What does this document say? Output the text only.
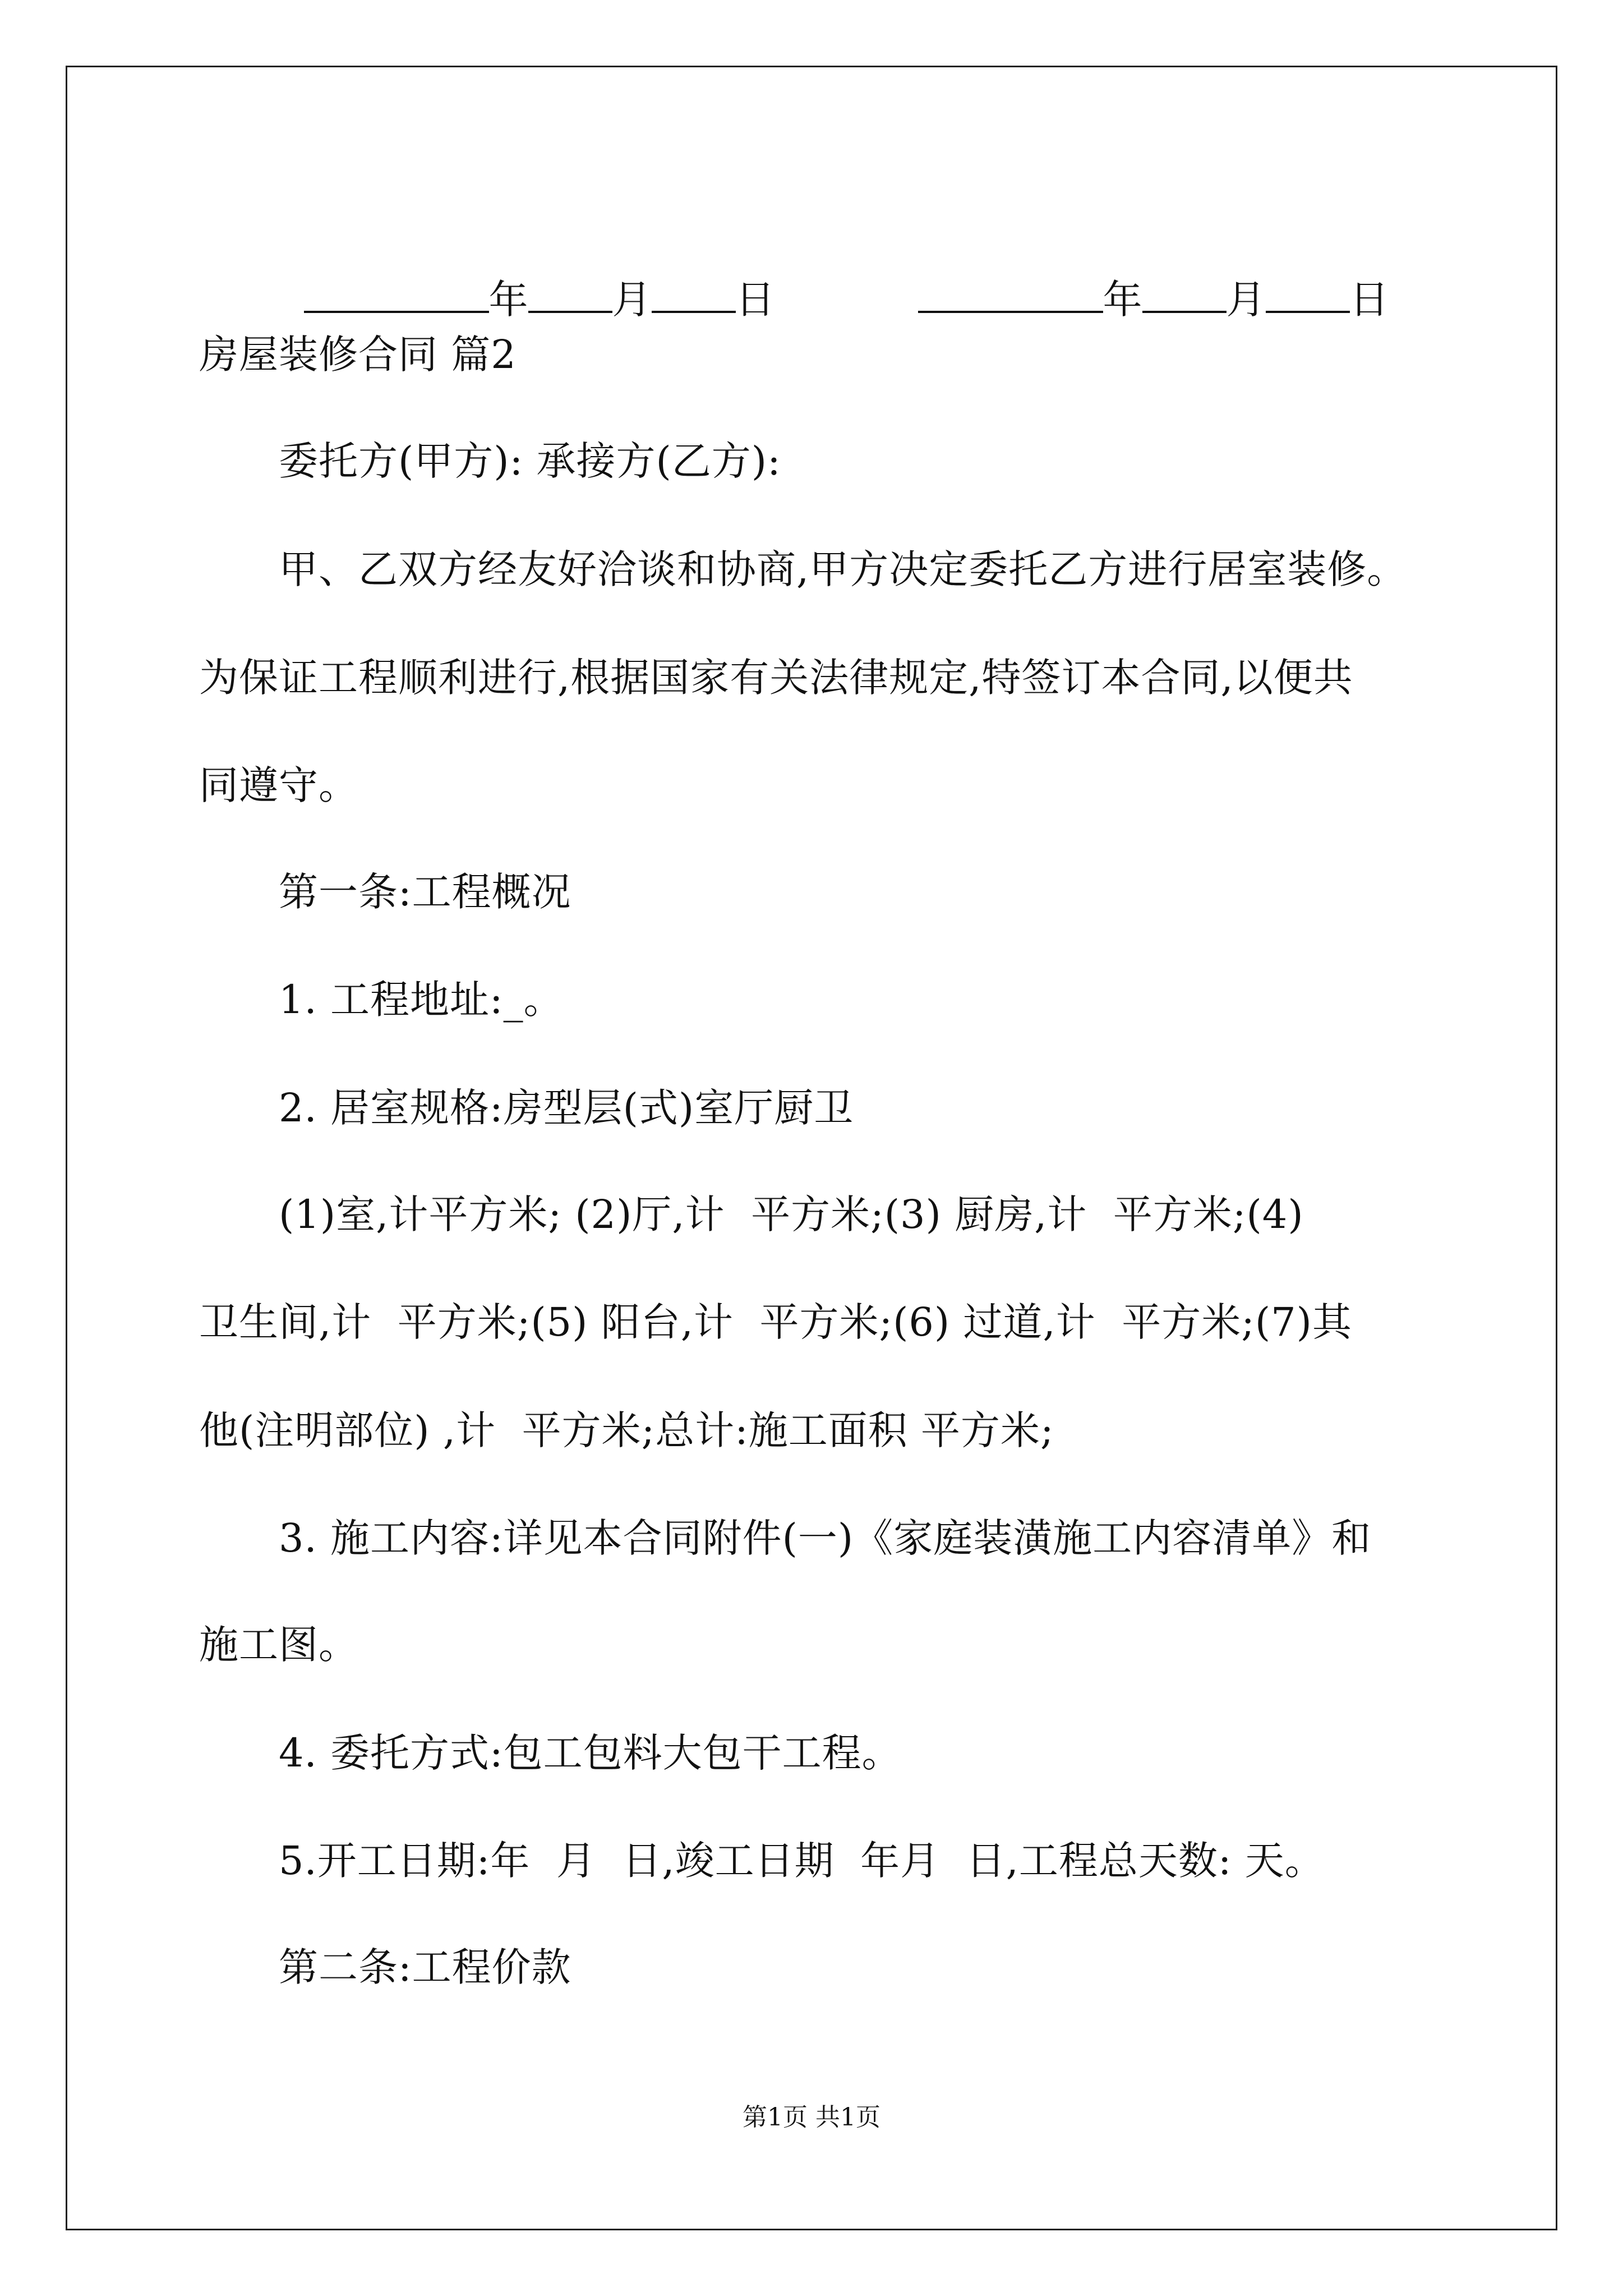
年 月 日	年 月 日

房屋装修合同 篇2
委托方(甲方): 承接方(乙方):
甲、乙双方经友好洽谈和协商,甲方决定委托乙方进行居室装修。
为保证工程顺利进行,根据国家有关法律规定,特签订本合同,以便共
同遵守。
第一条:工程概况
1. 工程地址:_。
2. 居室规格:房型层(式)室厅厨卫
(1)室,计平方米; (2)厅,计  平方米;(3) 厨房,计  平方米;(4)
卫生间,计  平方米;(5) 阳台,计  平方米;(6) 过道,计  平方米;(7)其
他(注明部位) ,计  平方米;总计:施工面积 平方米;
3. 施工内容:详见本合同附件(一)《家庭装潢施工内容清单》和
施工图。
4. 委托方式:包工包料大包干工程。
5.开工日期:年  月  日,竣工日期  年月  日,工程总天数: 天。
第二条:工程价款
第1页 共1页
